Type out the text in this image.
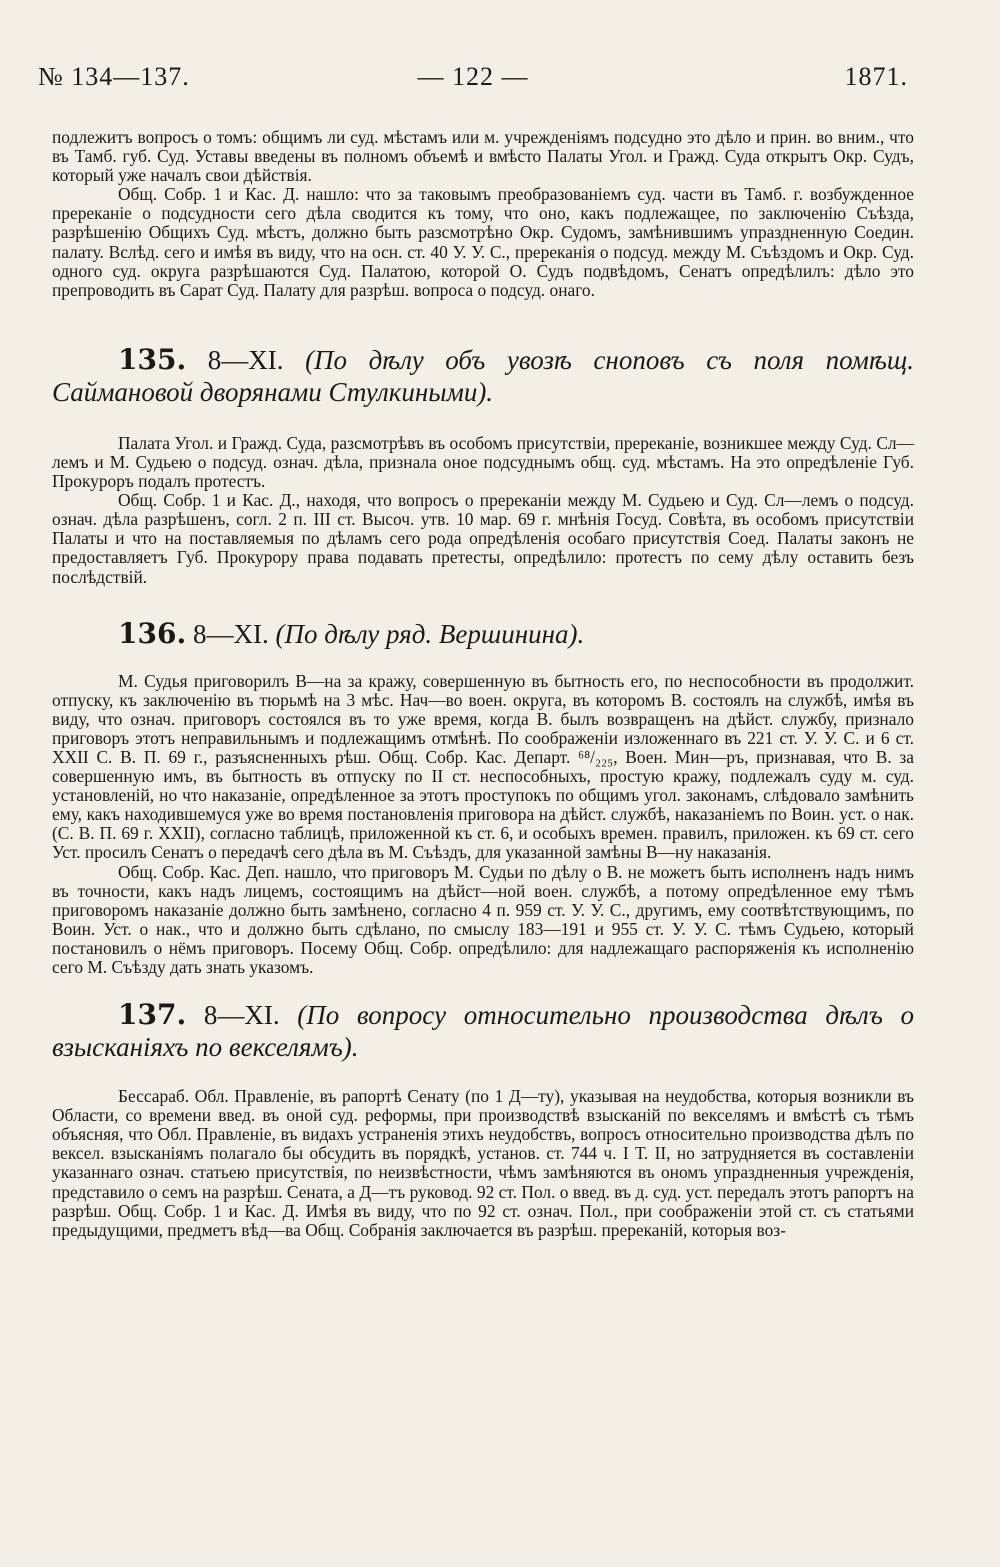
№ 134—137.	— 122 —	1871.

подлежитъ вопросъ о томъ: общимъ ли суд. мѣстамъ или м. учрежденіямъ подсудно это дѣло и прин. во вним., что въ Тамб. губ. Суд. Уставы введены въ полномъ объемѣ и вмѣсто Палаты Угол. и Гражд. Суда открытъ Окр. Судъ, который уже началъ свои дѣйствія.

Общ. Собр. 1 и Кас. Д. нашло: что за таковымъ преобразованіемъ суд. части въ Тамб. г. возбужденное пререканіе о подсудности сего дѣла сводится къ тому, что оно, какъ подлежащее, по заключенію Съѣзда, разрѣшенію Общихъ Суд. мѣстъ, должно быть разсмотрѣно Окр. Судомъ, замѣнившимъ упраздненную Соедин. палату. Вслѣд. сего и имѣя въ виду, что на осн. ст. 40 У. У. С., пререканія о подсуд. между М. Съѣздомъ и Окр. Суд. одного суд. округа разрѣшаются Суд. Палатою, которой О. Судъ подвѣдомъ, Сенатъ опредѣлилъ: дѣло это препроводить въ Сарат Суд. Палату для разрѣш. вопроса о подсуд. онаго.

135. 8—XI. (По дѣлу объ увозѣ сноповъ съ поля помѣщ. Саймановой дворянами Стулкиными).

Палата Угол. и Гражд. Суда, разсмотрѣвъ въ особомъ присутствіи, пререканіе, возникшее между Суд. Сл—лемъ и М. Судьею о подсуд. означ. дѣла, признала оное подсуднымъ общ. суд. мѣстамъ. На это опредѣленіе Губ. Прокуроръ подалъ протестъ.

Общ. Собр. 1 и Кас. Д., находя, что вопросъ о пререканіи между М. Судьею и Суд. Сл—лемъ о подсуд. означ. дѣла разрѣшенъ, согл. 2 п. III ст. Высоч. утв. 10 мар. 69 г. мнѣнія Госуд. Совѣта, въ особомъ присутствіи Палаты и что на поставляемыя по дѣламъ сего рода опредѣленія особаго присутствія Соед. Палаты законъ не предоставляетъ Губ. Прокурору права подавать претесты, опредѣлило: протестъ по сему дѣлу оставить безъ послѣдствій.

136. 8—XI. (По дѣлу ряд. Вершинина).

М. Судья приговорилъ В—на за кражу, совершенную въ бытность его, по неспособности въ продолжит. отпуску, къ заключенію въ тюрьмѣ на 3 мѣс. Нач—во воен. округа, въ которомъ В. состоялъ на службѣ, имѣя въ виду, что означ. приговоръ состоялся въ то уже время, когда В. былъ возвращенъ на дѣйст. службу, признало приговоръ этотъ неправильнымъ и подлежащимъ отмѣнѣ. По соображеніи изложеннаго въ 221 ст. У. У. С. и 6 ст. XXII С. В. П. 69 г., разъясненныхъ рѣш. Общ. Собр. Кас. Департ. ⁶⁸/₂₂₅, Воен. Мин—ръ, признавая, что В. за совершенную имъ, въ бытность въ отпуску по II ст. неспособныхъ, простую кражу, подлежалъ суду м. суд. установленій, но что наказаніе, опредѣленное за этотъ проступокъ по общимъ угол. законамъ, слѣдовало замѣнить ему, какъ находившемуся уже во время постановленія приговора на дѣйст. службѣ, наказаніемъ по Воин. уст. о нак. (С. В. П. 69 г. XXII), согласно таблицѣ, приложенной къ ст. 6, и особыхъ времен. правилъ, приложен. къ 69 ст. сего Уст. просилъ Сенатъ о передачѣ сего дѣла въ М. Съѣздъ, для указанной замѣны В—ну наказанія.

Общ. Собр. Кас. Деп. нашло, что приговоръ М. Судьи по дѣлу о В. не можетъ быть исполненъ надъ нимъ въ точности, какъ надъ лицемъ, состоящимъ на дѣйст—ной воен. службѣ, а потому опредѣленное ему тѣмъ приговоромъ наказаніе должно быть замѣнено, согласно 4 п. 959 ст. У. У. С., другимъ, ему соотвѣтствующимъ, по Воин. Уст. о нак., что и должно быть сдѣлано, по смыслу 183—191 и 955 ст. У. У. С. тѣмъ Судьею, который постановилъ о нёмъ приговоръ. Посему Общ. Собр. опредѣлило: для надлежащаго распоряженія къ исполненію сего М. Съѣзду дать знать указомъ.

137. 8—XI. (По вопросу относительно производства дѣлъ о взысканіяхъ по векселямъ).

Бессараб. Обл. Правленіе, въ рапортѣ Сенату (по 1 Д—ту), указывая на неудобства, которыя возникли въ Области, со времени введ. въ оной суд. реформы, при производствѣ взысканій по векселямъ и вмѣстѣ съ тѣмъ объясняя, что Обл. Правленіе, въ видахъ устраненія этихъ неудобствъ, вопросъ относительно производства дѣлъ по вексел. взысканіямъ полагало бы обсудить въ порядкѣ, установ. ст. 744 ч. I Т. II, но затрудняется въ составленіи указаннаго означ. статьею присутствія, по неизвѣстности, чѣмъ замѣняются въ ономъ упраздненныя учрежденія, представило о семъ на разрѣш. Сената, а Д—тъ руковод. 92 ст. Пол. о введ. въ д. суд. уст. передалъ этотъ рапортъ на разрѣш. Общ. Собр. 1 и Кас. Д. Имѣя въ виду, что по 92 ст. означ. Пол., при соображеніи этой ст. съ статьями предыдущими, предметъ вѣд—ва Общ. Собранія заключается въ разрѣш. пререканій, которыя воз-
